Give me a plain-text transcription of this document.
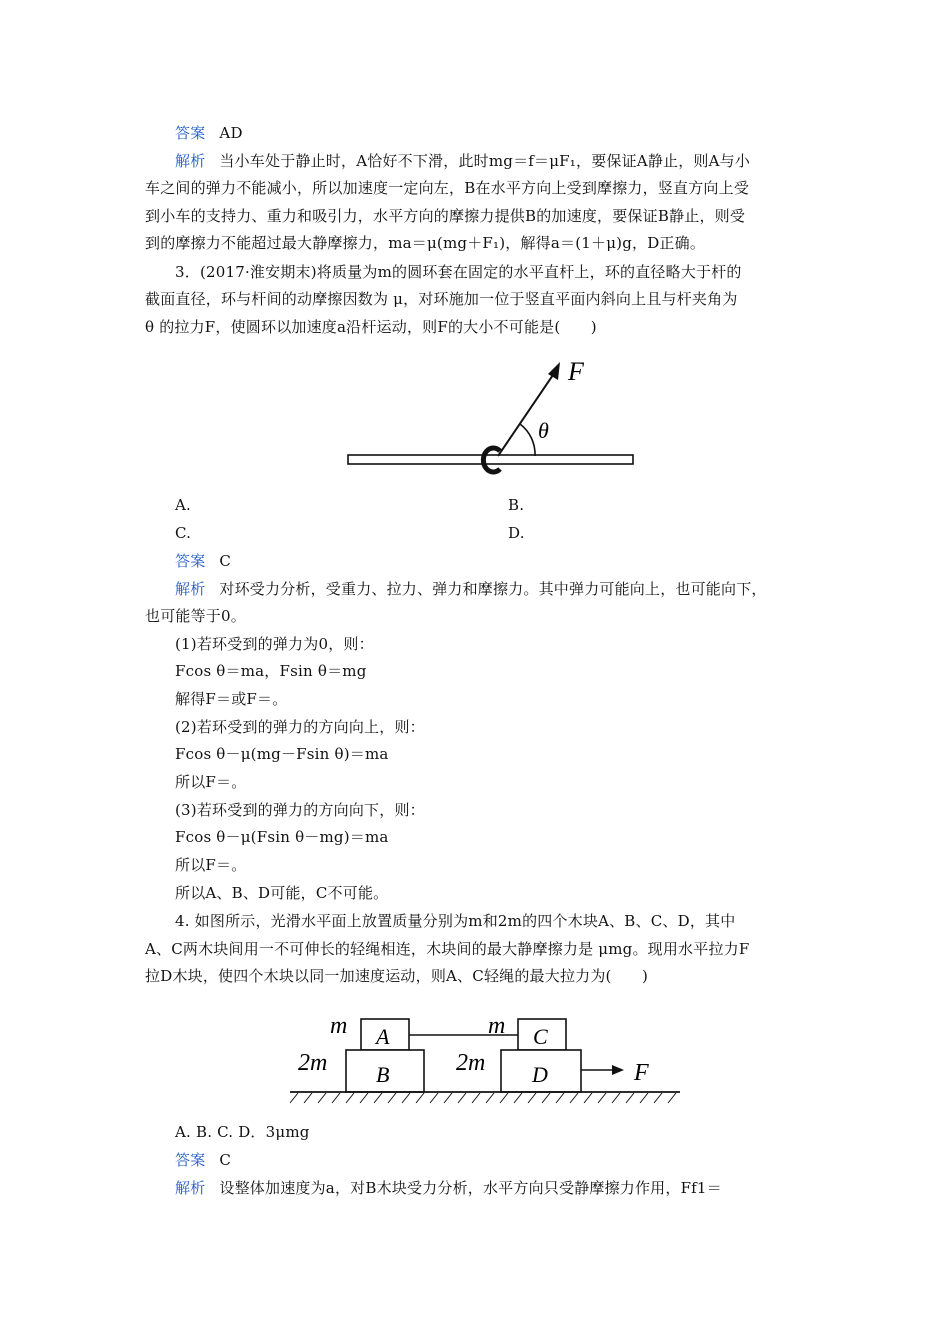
答案 AD
解析 当小车处于静止时，A恰好不下滑，此时mg＝f＝μF₁，要保证A静止，则A与小
车之间的弹力不能减小，所以加速度一定向左，B在水平方向上受到摩擦力，竖直方向上受
到小车的支持力、重力和吸引力，水平方向的摩擦力提供B的加速度，要保证B静止，则受
到的摩擦力不能超过最大静摩擦力，ma＝μ(mg＋F₁)，解得a＝(1＋μ)g，D正确。
3．(2017·淮安期末)将质量为m的圆环套在固定的水平直杆上，环的直径略大于杆的
截面直径，环与杆间的动摩擦因数为 μ，对环施加一位于竖直平面内斜向上且与杆夹角为
θ 的拉力F，使圆环以加速度a沿杆运动，则F的大小不可能是(　　)
F
θ
A.	B.
C.	D.
答案 C
解析 对环受力分析，受重力、拉力、弹力和摩擦力。其中弹力可能向上，也可能向下，
也可能等于0。
(1)若环受到的弹力为0，则：
Fcos θ＝ma，Fsin θ＝mg
解得F＝或F＝。
(2)若环受到的弹力的方向向上，则：
Fcos θ－μ(mg－Fsin θ)＝ma
所以F＝。
(3)若环受到的弹力的方向向下，则：
Fcos θ－μ(Fsin θ－mg)＝ma
所以F＝。
所以A、B、D可能，C不可能。
4. 如图所示，光滑水平面上放置质量分别为m和2m的四个木块A、B、C、D，其中
A、C两木块间用一不可伸长的轻绳相连，木块间的最大静摩擦力是 μmg。现用水平拉力F
拉D木块，使四个木块以同一加速度运动，则A、C轻绳的最大拉力为(　　)
m A	m C
2m B	2m D	F
A. B. C. D．3μmg
答案 C
解析 设整体加速度为a，对B木块受力分析，水平方向只受静摩擦力作用，Ff1＝
